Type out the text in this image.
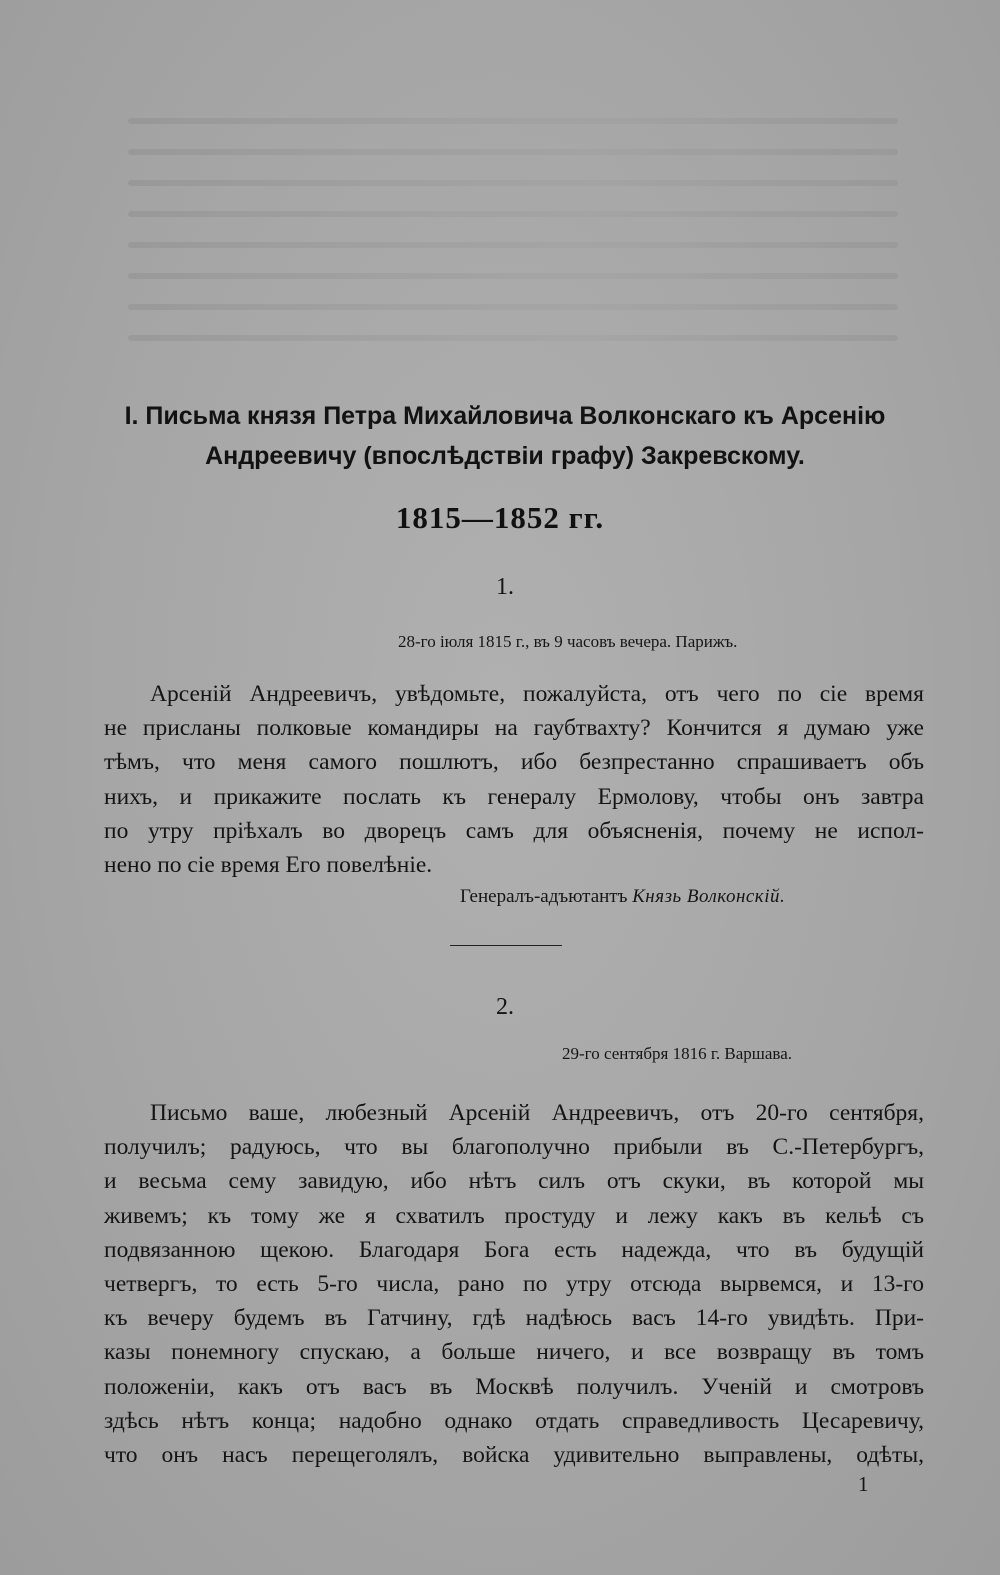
I. Письма князя Петра Михайловича Волконскаго къ Арсенію
Андреевичу (впослѣдствіи графу) Закревскому.
1815—1852 гг.
1.
28-го іюля 1815 г., въ 9 часовъ вечера. Парижъ.
Арсеній Андреевичъ, увѣдомьте, пожалуйста, отъ чего по сіе время
не присланы полковые командиры на гаубтвахту? Кончится я думаю уже
тѣмъ, что меня самого пошлютъ, ибо безпрестанно спрашиваетъ объ
нихъ, и прикажите послать къ генералу Ермолову, чтобы онъ завтра
по утру пріѣхалъ во дворецъ самъ для объясненія, почему не испол-
нено по сіе время Его повелѣніе.
Генералъ-адъютантъ Князь Волконскій.
2.
29-го сентября 1816 г. Варшава.
Письмо ваше, любезный Арсеній Андреевичъ, отъ 20-го сентября,
получилъ; радуюсь, что вы благополучно прибыли въ С.-Петербургъ,
и весьма сему завидую, ибо нѣтъ силъ отъ скуки, въ которой мы
живемъ; къ тому же я схватилъ простуду и лежу какъ въ кельѣ съ
подвязанною щекою. Благодаря Бога есть надежда, что въ будущій
четвергъ, то есть 5-го числа, рано по утру отсюда вырвемся, и 13-го
къ вечеру будемъ въ Гатчину, гдѣ надѣюсь васъ 14-го увидѣть. При-
казы понемногу спускаю, а больше ничего, и все возвращу въ томъ
положеніи, какъ отъ васъ въ Москвѣ получилъ. Ученій и смотровъ
здѣсь нѣтъ конца; надобно однако отдать справедливость Цесаревичу,
что онъ насъ перещеголялъ, войска удивительно выправлены, одѣты,
1
